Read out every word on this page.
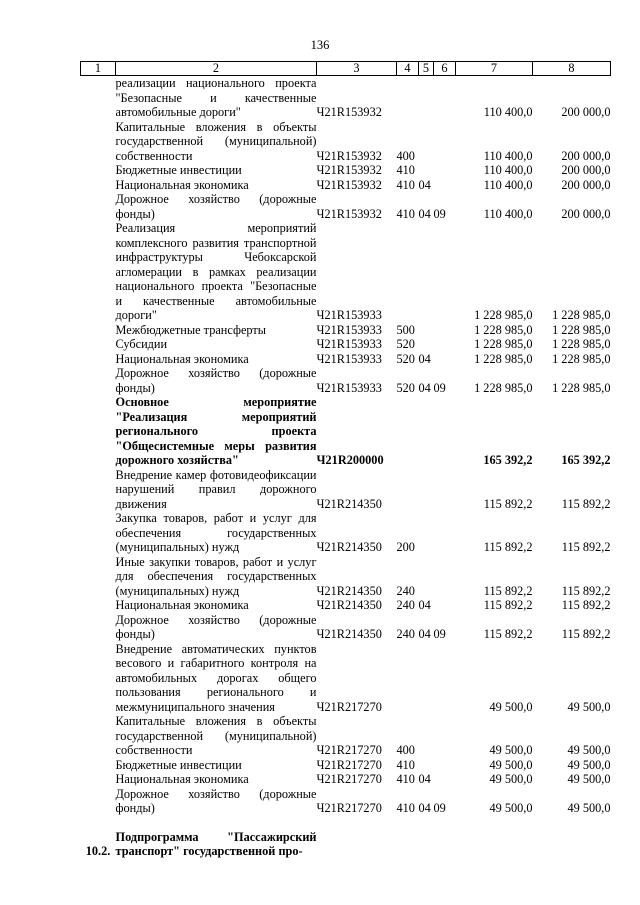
136
1	2	3	4	5	6	7	8
	реализации национального проекта "Безопасные и качественные автомобильные дороги"	Ч21R153932				110 400,0	200 000,0
	Капитальные вложения в объекты государственной (муниципальной) собственности	Ч21R153932	400			110 400,0	200 000,0
	Бюджетные инвестиции	Ч21R153932	410			110 400,0	200 000,0
	Национальная экономика	Ч21R153932	410	04		110 400,0	200 000,0
	Дорожное хозяйство (дорожные фонды)	Ч21R153932	410	04	09	110 400,0	200 000,0
	Реализация мероприятий комплексного развития транспортной инфраструктуры Чебоксарской агломерации в рамках реализации национального проекта "Безопасные и качественные автомобильные дороги"	Ч21R153933				1 228 985,0	1 228 985,0
	Межбюджетные трансферты	Ч21R153933	500			1 228 985,0	1 228 985,0
	Субсидии	Ч21R153933	520			1 228 985,0	1 228 985,0
	Национальная экономика	Ч21R153933	520	04		1 228 985,0	1 228 985,0
	Дорожное хозяйство (дорожные фонды)	Ч21R153933	520	04	09	1 228 985,0	1 228 985,0
	Основное мероприятие "Реализация мероприятий регионального проекта "Общесистемные меры развития дорожного хозяйства"	Ч21R200000				165 392,2	165 392,2
	Внедрение камер фотовидеофиксации нарушений правил дорожного движения	Ч21R214350				115 892,2	115 892,2
	Закупка товаров, работ и услуг для обеспечения государственных (муниципальных) нужд	Ч21R214350	200			115 892,2	115 892,2
	Иные закупки товаров, работ и услуг для обеспечения государственных (муниципальных) нужд	Ч21R214350	240			115 892,2	115 892,2
	Национальная экономика	Ч21R214350	240	04		115 892,2	115 892,2
	Дорожное хозяйство (дорожные фонды)	Ч21R214350	240	04	09	115 892,2	115 892,2
	Внедрение автоматических пунктов весового и габаритного контроля на автомобильных дорогах общего пользования регионального и межмуниципального значения	Ч21R217270				49 500,0	49 500,0
	Капитальные вложения в объекты государственной (муниципальной) собственности	Ч21R217270	400			49 500,0	49 500,0
	Бюджетные инвестиции	Ч21R217270	410			49 500,0	49 500,0
	Национальная экономика	Ч21R217270	410	04		49 500,0	49 500,0
	Дорожное хозяйство (дорожные фонды)	Ч21R217270	410	04	09	49 500,0	49 500,0

10.2.	Подпрограмма "Пассажирский транспорт" государственной про-						
